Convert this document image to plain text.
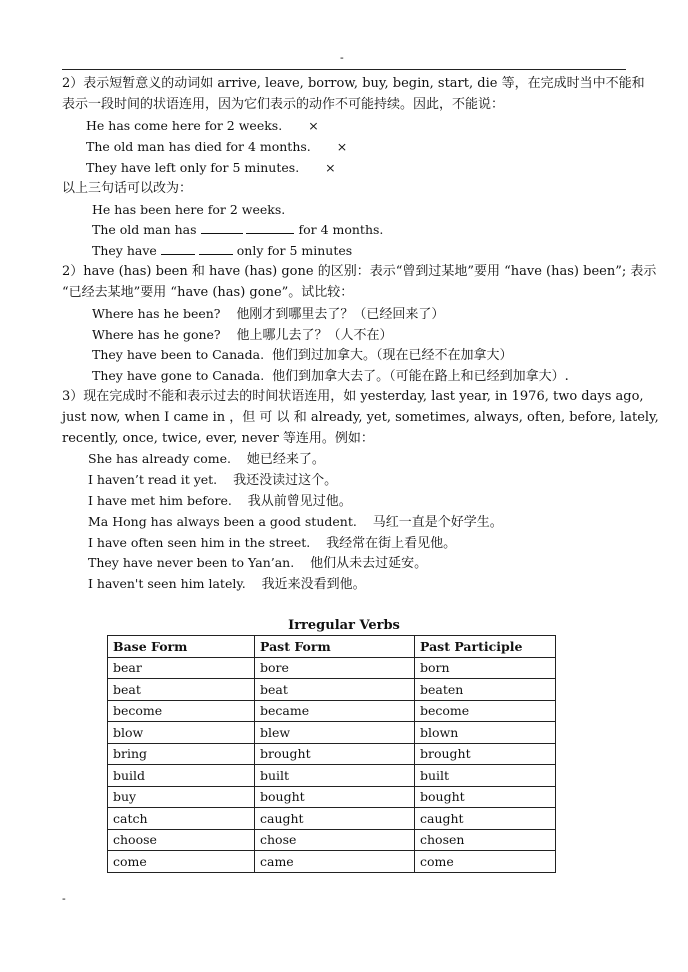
-
2）表示短暂意义的动词如 arrive, leave, borrow, buy, begin, start, die 等，在完成时当中不能和
表示一段时间的状语连用，因为它们表示的动作不可能持续。因此，不能说：
He has come here for 2 weeks. ×
The old man has died for 4 months. ×
They have left only for 5 minutes. ×
以上三句话可以改为：
He has been here for 2 weeks.
The old man has	for 4 months.
They have	only for 5 minutes
2）have (has) been 和 have (has) gone 的区别：表示“曾到过某地”要用 “have (has) been”; 表示
“已经去某地”要用 “have (has) gone”。试比较：
Where has he been? 他刚才到哪里去了？（已经回来了）
Where has he gone? 他上哪儿去了？（人不在）
They have been to Canada. 他们到过加拿大。（现在已经不在加拿大）
They have gone to Canada. 他们到加拿大去了。（可能在路上和已经到加拿大）.
3）现在完成时不能和表示过去的时间状语连用，如 yesterday, last year, in 1976, two days ago,
just now, when I came in ，但 可 以 和 already, yet, sometimes, always, often, before, lately,
recently, once, twice, ever, never 等连用。例如：
She has already come. 她已经来了。
I haven’t read it yet. 我还没读过这个。
I have met him before. 我从前曾见过他。
Ma Hong has always been a good student. 马红一直是个好学生。
I have often seen him in the street. 我经常在街上看见他。
They have never been to Yan’an. 他们从未去过延安。
I haven't seen him lately. 我近来没看到他。
Irregular Verbs
Base Form	Past Form	Past Participle
bear	bore	born
beat	beat	beaten
become	became	become
blow	blew	blown
bring	brought	brought
build	built	built
buy	bought	bought
catch	caught	caught
choose	chose	chosen
come	came	come
-
